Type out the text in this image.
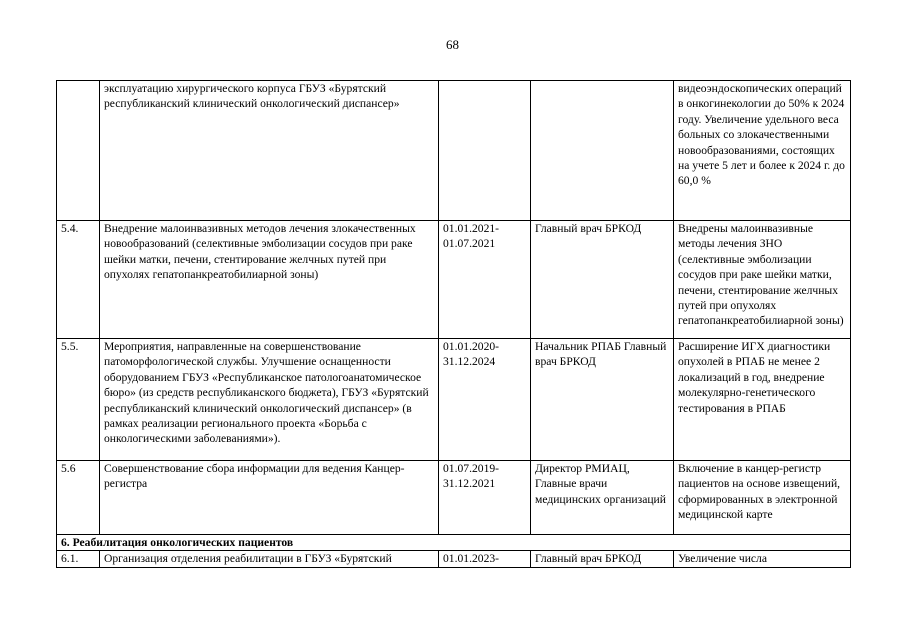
68
	эксплуатацию хирургического корпуса ГБУЗ «Бурятский республиканский клинический онкологический диспансер»			видеоэндоскопических операций в онкогинекологии до 50% к 2024 году. Увеличение удельного веса больных со злокачественными новообразованиями, состоящих на учете 5 лет и более к 2024 г. до 60,0 %
5.4.	Внедрение малоинвазивных методов лечения злокачественных новообразований (селективные эмболизации сосудов при раке шейки матки, печени, стентирование желчных путей при опухолях гепатопанкреатобилиарной зоны)	01.01.2021-01.07.2021	Главный врач БРКОД	Внедрены малоинвазивные методы лечения ЗНО (селективные эмболизации сосудов при раке шейки матки, печени, стентирование желчных путей при опухолях гепатопанкреатобилиарной зоны)
5.5.	Мероприятия, направленные на совершенствование патоморфологической службы. Улучшение оснащенности оборудованием ГБУЗ «Республиканское патологоанатомическое бюро» (из средств республиканского бюджета), ГБУЗ «Бурятский республиканский клинический онкологический диспансер» (в рамках реализации регионального проекта «Борьба с онкологическими заболеваниями»).	01.01.2020-31.12.2024	Начальник РПАБ Главный врач БРКОД	Расширение ИГХ диагностики опухолей в РПАБ не менее 2 локализаций в год, внедрение молекулярно-генетического тестирования в РПАБ
5.6	Совершенствование сбора информации для ведения Канцер-регистра	01.07.2019-31.12.2021	Директор РМИАЦ, Главные врачи медицинских организаций	Включение в канцер-регистр пациентов на основе извещений, сформированных в электронной медицинской карте
6. Реабилитация онкологических пациентов				
6.1.	Организация отделения реабилитации в ГБУЗ «Бурятский	01.01.2023-	Главный врач БРКОД	Увеличение числа
